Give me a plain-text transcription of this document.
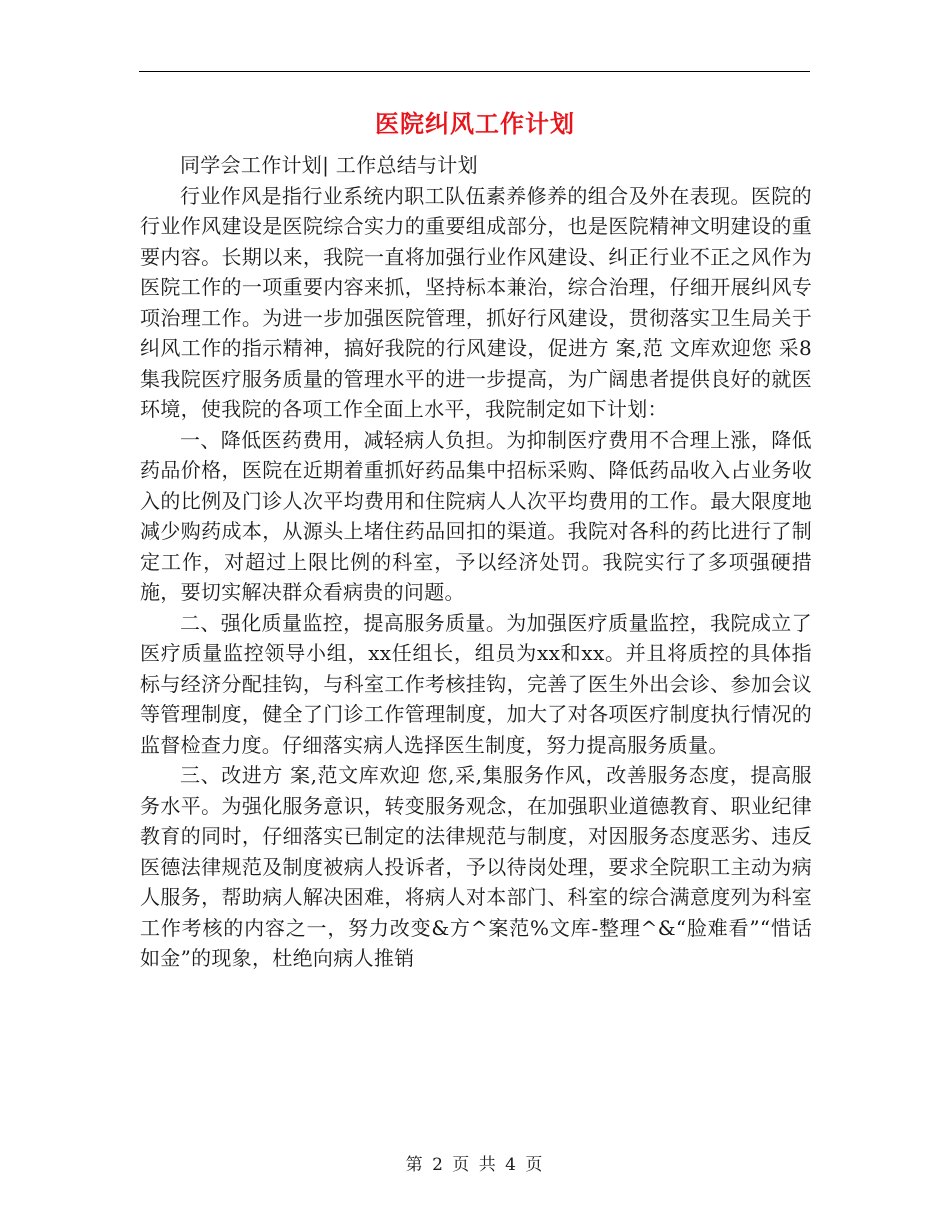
医院纠风工作计划

同学会工作计划| 工作总结与计划

行业作风是指行业系统内职工队伍素养修养的组合及外在表现。医院的行业作风建设是医院综合实力的重要组成部分，也是医院精神文明建设的重要内容。长期以来，我院一直将加强行业作风建设、纠正行业不正之风作为医院工作的一项重要内容来抓，坚持标本兼治，综合治理，仔细开展纠风专项治理工作。为进一步加强医院管理，抓好行风建设，贯彻落实卫生局关于纠风工作的指示精神，搞好我院的行风建设，促进方 案,范 文库欢迎您 采8集我院医疗服务质量的管理水平的进一步提高，为广阔患者提供良好的就医环境，使我院的各项工作全面上水平，我院制定如下计划：

一、降低医药费用，减轻病人负担。为抑制医疗费用不合理上涨，降低药品价格，医院在近期着重抓好药品集中招标采购、降低药品收入占业务收入的比例及门诊人次平均费用和住院病人人次平均费用的工作。最大限度地减少购药成本，从源头上堵住药品回扣的渠道。我院对各科的药比进行了制定工作，对超过上限比例的科室，予以经济处罚。我院实行了多项强硬措施，要切实解决群众看病贵的问题。

二、强化质量监控，提高服务质量。为加强医疗质量监控，我院成立了医疗质量监控领导小组，xx任组长，组员为xx和xx。并且将质控的具体指标与经济分配挂钩，与科室工作考核挂钩，完善了医生外出会诊、参加会议等管理制度，健全了门诊工作管理制度，加大了对各项医疗制度执行情况的监督检查力度。仔细落实病人选择医生制度，努力提高服务质量。

三、改进方 案,范文库欢迎 您,采,集服务作风，改善服务态度，提高服务水平。为强化服务意识，转变服务观念，在加强职业道德教育、职业纪律教育的同时，仔细落实已制定的法律规范与制度，对因服务态度恶劣、违反医德法律规范及制度被病人投诉者，予以待岗处理，要求全院职工主动为病人服务，帮助病人解决困难，将病人对本部门、科室的综合满意度列为科室工作考核的内容之一，努力改变&方^案范%文库-整理^&“脸难看”“惜话如金”的现象，杜绝向病人推销

第 2 页 共 4 页
